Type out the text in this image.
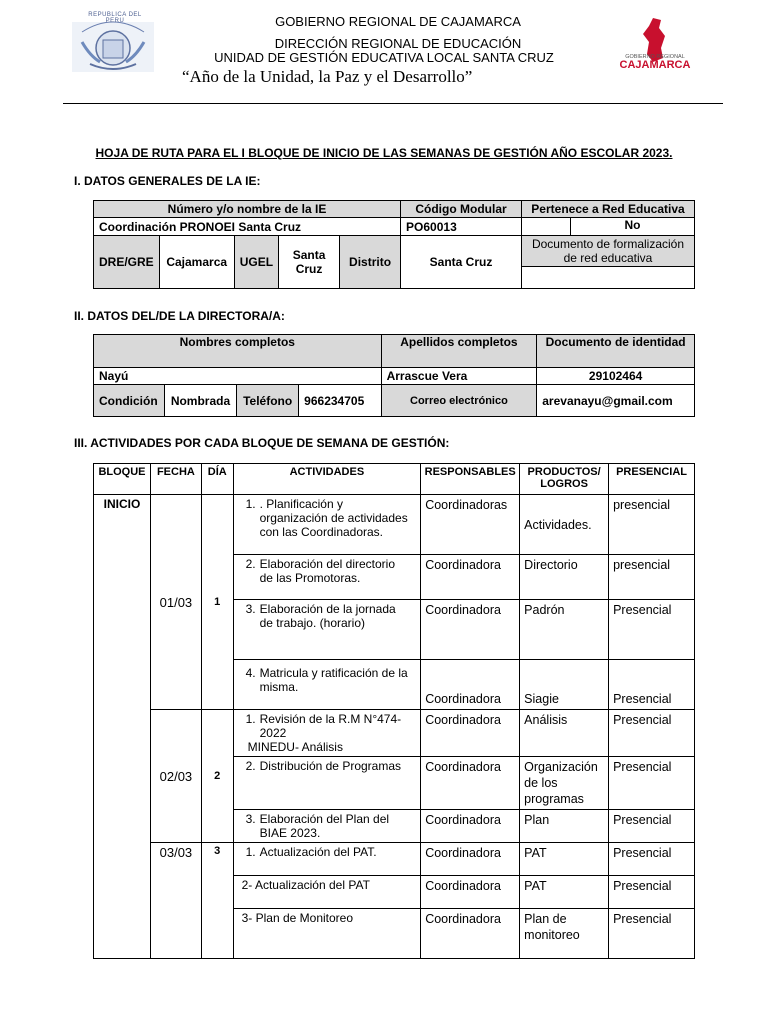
REPUBLICA DEL PERU
GOBIERNO REGIONAL
CAJAMARCA
GOBIERNO REGIONAL DE CAJAMARCA
DIRECCIÓN REGIONAL DE EDUCACIÓN
UNIDAD DE GESTIÓN EDUCATIVA LOCAL SANTA CRUZ
“Año de la Unidad, la Paz y el Desarrollo”
HOJA DE RUTA PARA EL I BLOQUE DE INICIO DE LAS SEMANAS DE GESTIÓN AÑO ESCOLAR 2023.
I. DATOS GENERALES DE LA IE:
Número y/o nombre de la IE					Código Modular	Pertenece a Red Educativa
Coordinación PRONOEI Santa Cruz					PO60013	No

DRE/GRE	Cajamarca	UGEL	Santa Cruz	Distrito	Santa Cruz	Documento de formalización de red educativa

II. DATOS DEL/DE LA DIRECTORA/A:
Nombres completos				Apellidos completos	Documento de identidad
Nayú				Arrascue Vera	29102464
Condición	Nombrada	Teléfono	966234705	Correo electrónico	arevanayu@gmail.com
III. ACTIVIDADES POR CADA BLOQUE DE SEMANA DE GESTIÓN:
BLOQUE	FECHA	DÍA	ACTIVIDADES	RESPONSABLES	PRODUCTOS/ LOGROS	PRESENCIAL
INICIO	01/03	1	1. . Planificación y organización de actividades con las Coordinadoras.	Coordinadoras	Actividades.	presencial
			2. Elaboración del directorio de las Promotoras.	Coordinadora	Directorio	presencial
			3. Elaboración de la jornada de trabajo. (horario)	Coordinadora	Padrón	Presencial
			4. Matricula y ratificación de la misma.	Coordinadora	Siagie	Presencial
	02/03	2	1. Revisión de la R.M N°474-2022
MINEDU- Análisis	Coordinadora	Análisis	Presencial
			2. Distribución de Programas	Coordinadora	Organización de los programas	Presencial
			3. Elaboración del Plan del BIAE 2023.	Coordinadora	Plan	Presencial
	03/03	3	1. Actualización del PAT.	Coordinadora	PAT	Presencial
			2- Actualización del PAT	Coordinadora	PAT	Presencial
			3- Plan de Monitoreo	Coordinadora	Plan de monitoreo	Presencial
